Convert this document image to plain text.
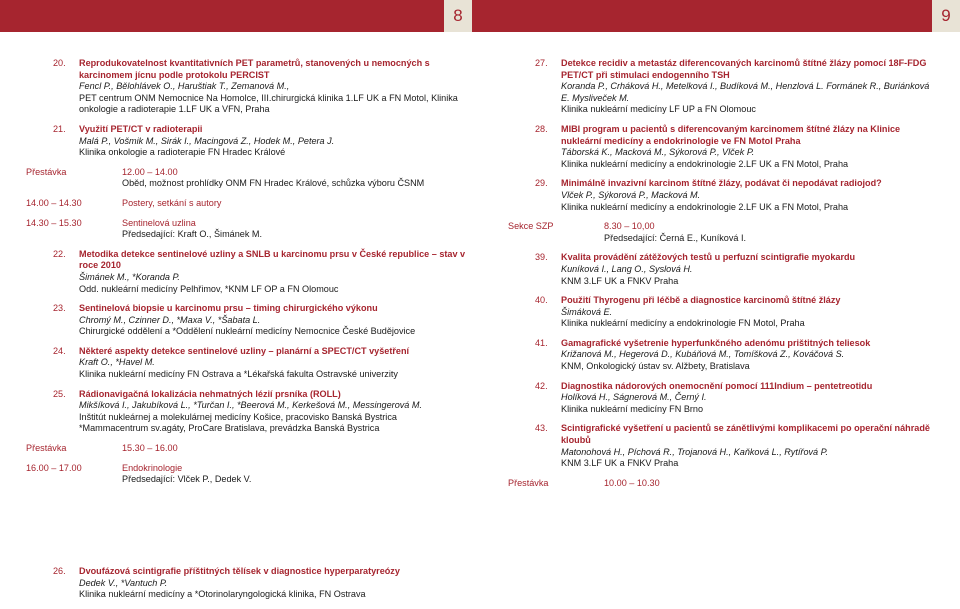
8	9
20. Reprodukovatelnost kvantitativních PET parametrů, stanovených u nemocných s karcinomem jícnu podle protokolu PERCIST
Fencl P., Bělohlávek O., Haruštiak T., Zemanová M.,
PET centrum ONM Nemocnice Na Homolce, III.chirurgická klinika 1.LF UK a FN Motol, Klinika onkologie a radioterapie 1.LF UK a VFN, Praha
21. Využití PET/CT v radioterapii
Malá P., Vošmik M., Sirák I., Macingová Z., Hodek M., Petera J.
Klinika onkologie a radioterapie FN Hradec Králové
Přestávka	12.00 – 14.00
Oběd, možnost prohlídky ONM FN Hradec Králové, schůzka výboru ČSNM
14.00 – 14.30	Postery, setkání s autory
14.30 – 15.30	Sentinelová uzlina
Předsedající: Kraft O., Šimánek M.
22. Metodika detekce sentinelové uzliny a SNLB u karcinomu prsu v České republice – stav v roce 2010
Šimánek M., *Koranda P.
Odd. nukleární medicíny Pelhřimov, *KNM LF OP a FN Olomouc
23. Sentinelová biopsie u karcinomu prsu – timing chirurgického výkonu
Chromý M., Czinner D., *Maxa V., *Šabata L.
Chirurgické oddělení a *Oddělení nukleární medicíny Nemocnice České Budějovice
24. Některé aspekty detekce sentinelové uzliny – planární a SPECT/CT vyšetření
Kraft O., *Havel M.
Klinika nukleární medicíny FN Ostrava a *Lékařská fakulta Ostravské univerzity
25. Rádionavigačná lokalizácia nehmatných lézií prsníka (ROLL)
Mikšíková I., Jakubíková L., *Turčan I., *Beerová M., Kerkešová M., Messingerová M.
Inštitút nukleárnej a molekulárnej medicíny Košice, pracovisko Banská Bystrica
*Mammacentrum sv.agáty, ProCare Bratislava, prevádzka Banská Bystrica
Přestávka	15.30 – 16.00
16.00 – 17.00	Endokrinologie
Předsedající: Vlček P., Dedek V.
26. Dvoufázová scintigrafie příštitných tělísek v diagnostice hyperparatyreózy
Dedek V., *Vantuch P.
Klinika nukleární medicíny a *Otorinolaryngologická klinika, FN Ostrava
27. Detekce recidiv a metastáz diferencovaných karcinomů štítné žlázy pomocí 18F-FDG PET/CT při stimulaci endogenního TSH
Koranda P., Crháková H., Metelková I., Budíková M., Henzlová L. Formánek R., Buriánková E. Mysliveček M.
Klinika nukleární medicíny LF UP a FN Olomouc
28. MIBI program u pacientů s diferencovaným karcinomem štítné žlázy na Klinice nukleární medicíny a endokrinologie ve FN Motol Praha
Táborská K., Macková M., Sýkorová P., Vlček P.
Klinika nukleární medicíny a endokrinologie 2.LF UK a FN Motol, Praha
29. Minimálně invazivní karcinom štítné žlázy, podávat či nepodávat radiojod?
Vlček P., Sýkorová P., Macková M.
Klinika nukleární medicíny a endokrinologie 2.LF UK a FN Motol, Praha
Sekce SZP	8.30 – 10,00
Předsedající: Černá E., Kuníková I.
39. Kvalita provádění zátěžových testů u perfuzní scintigrafie myokardu
Kuníková I., Lang O., Syslová H.
KNM 3.LF UK a FNKV Praha
40. Použití Thyrogenu při léčbě a diagnostice karcinomů štítné žlázy
Šimáková E.
Klinika nukleární medicíny a endokrinologie FN Motol, Praha
41. Gamagrafické vyšetrenie hyperfunkčného adenómu prištitných teliesok
Križanová M., Hegerová D., Kubáňová M., Tomíšková Z., Kováčová S.
KNM, Onkologický ústav sv. Alžbety, Bratislava
42. Diagnostika nádorových onemocnění pomocí 111Indium – pentetreotidu
Holíková H., Ságnerová M., Černý I.
Klinika nukleární medicíny FN Brno
43. Scintigrafické vyšetření u pacientů se zánětlivými komplikacemi po operační náhradě kloubů
Matonohová H., Píchová R., Trojanová H., Kaňková L., Rytířová P.
KNM 3.LF UK a FNKV Praha
Přestávka	10.00 – 10.30
